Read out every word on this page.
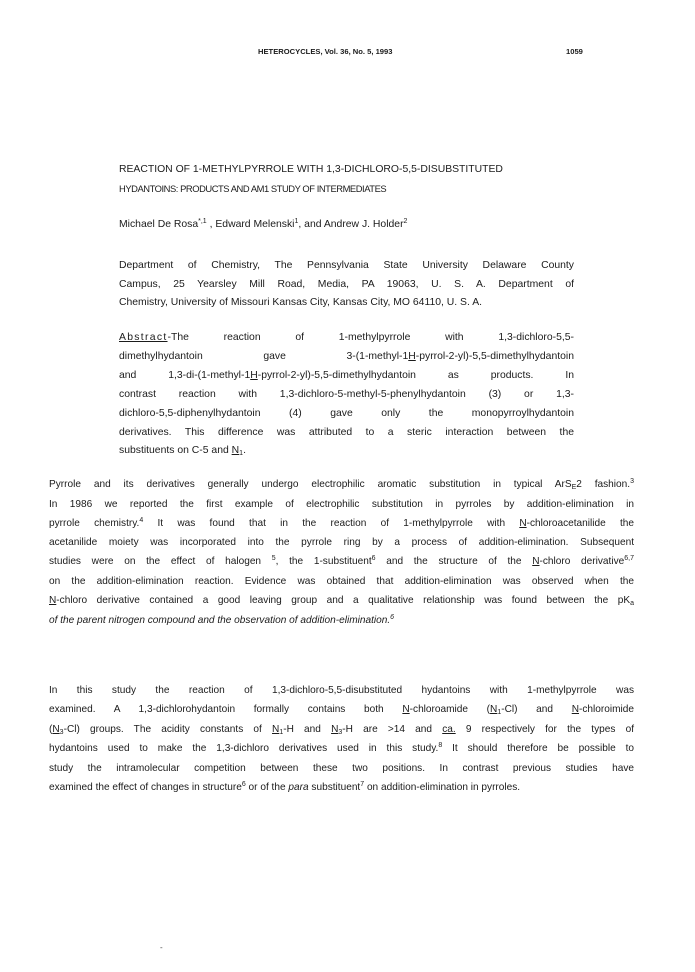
HETEROCYCLES, Vol. 36, No. 5, 1993	1059
REACTION OF 1-METHYLPYRROLE WITH 1,3-DICHLORO-5,5-DISUBSTITUTED
HYDANTOINS: PRODUCTS AND AM1 STUDY OF INTERMEDIATES
Michael De Rosa$^{*,1}$ , Edward Melenski$^1$, and Andrew J. Holder$^2$
Department of Chemistry, The Pennsylvania State University Delaware County
Campus, 25 Yearsley Mill Road, Media, PA 19063, U. S. A. Department of
Chemistry, University of Missouri Kansas City, Kansas City, MO 64110, U. S. A.
Abstract-The reaction of 1-methylpyrrole with 1,3-dichloro-5,5-
dimethylhydantoin gave 3-(1-methyl-1H-pyrrol-2-yl)-5,5-dimethylhydantoin
and 1,3-di-(1-methyl-1H-pyrrol-2-yl)-5,5-dimethylhydantoin as products. In
contrast reaction with 1,3-dichloro-5-methyl-5-phenylhydantoin (3) or 1,3-
dichloro-5,5-diphenylhydantoin (4) gave only the monopyrroylhydantoin
derivatives. This difference was attributed to a steric interaction between the
substituents on C-5 and N1.
Pyrrole and its derivatives generally undergo electrophilic aromatic substitution in typical ArSE2 fashion.$^3$
In 1986 we reported the first example of electrophilic substitution in pyrroles by addition-elimination in
pyrrole chemistry.$^4$ It was found that in the reaction of 1-methylpyrrole with N-chloroacetanilide the
acetanilide moiety was incorporated into the pyrrole ring by a process of addition-elimination. Subsequent
studies were on the effect of halogen $^5$, the 1-substituent$^6$ and the structure of the N-chloro derivative$^{6,7}$
on the addition-elimination reaction. Evidence was obtained that addition-elimination was observed when the
N-chloro derivative contained a good leaving group and a qualitative relationship was found between the pKa
of the parent nitrogen compound and the observation of addition-elimination.$^6$
In this study the reaction of 1,3-dichloro-5,5-disubstituted hydantoins with 1-methylpyrrole was
examined. A 1,3-dichlorohydantoin formally contains both N-chloroamide (N1-Cl) and N-chloroimide
(N3-Cl) groups. The acidity constants of N1-H and N3-H are >14 and ca. 9 respectively for the types of
hydantoins used to make the 1,3-dichloro derivatives used in this study.$^8$ It should therefore be possible to
study the intramolecular competition between these two positions. In contrast previous studies have
examined the effect of changes in structure$^6$ or of the para substituent$^7$ on addition-elimination in pyrroles.
-
